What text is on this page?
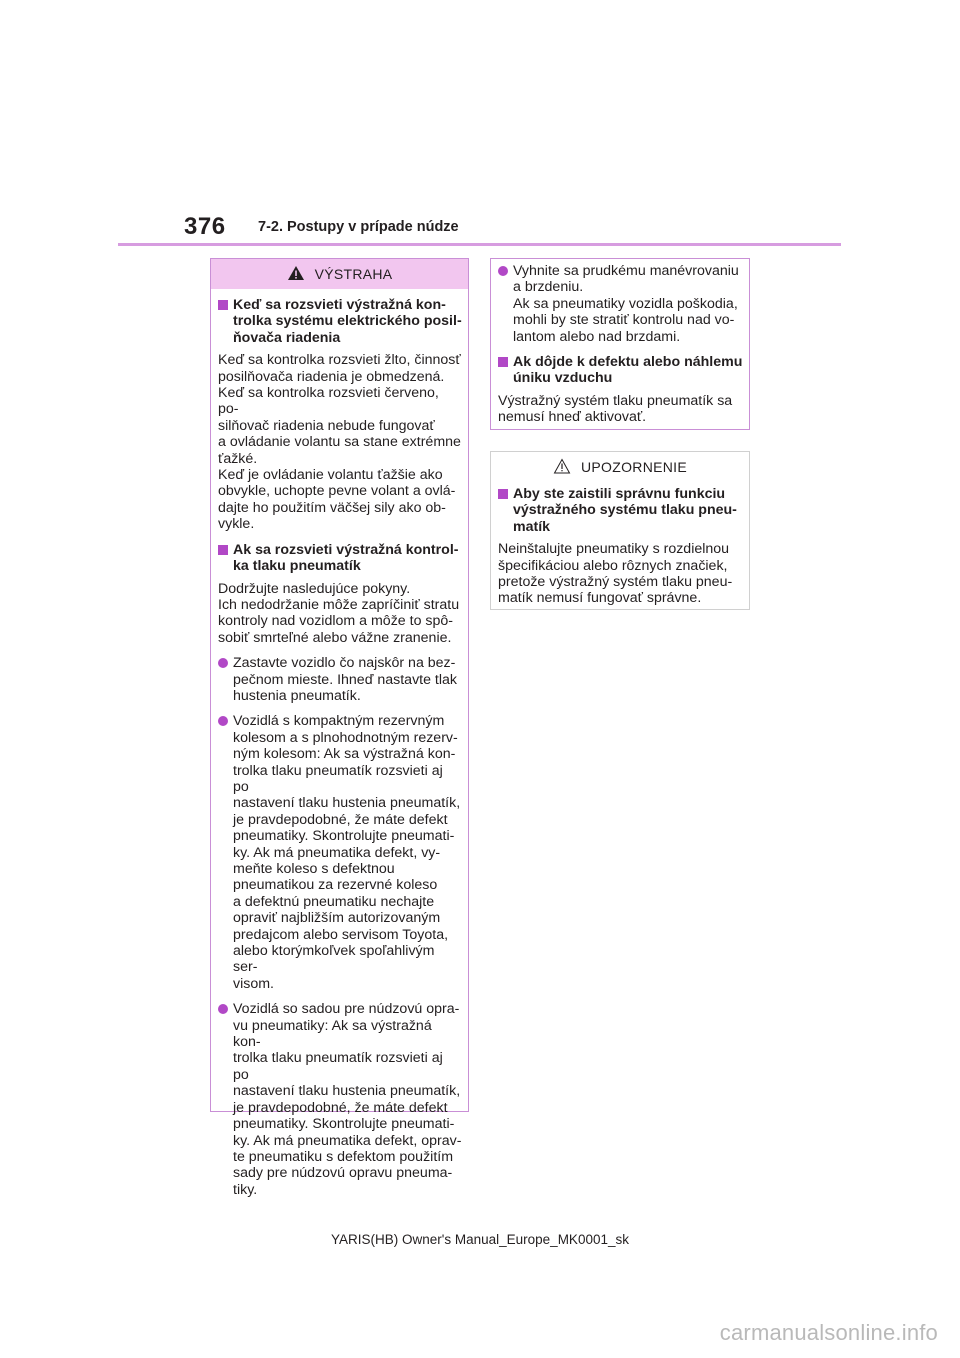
376 7-2. Postupy v prípade núdze
VÝSTRAHA
Keď sa rozsvieti výstražná kon-
trolka systému elektrického posil-
ňovača riadenia
Keď sa kontrolka rozsvieti žlto, činnosť
posilňovača riadenia je obmedzená.
Keď sa kontrolka rozsvieti červeno, po-
silňovač riadenia nebude fungovať
a ovládanie volantu sa stane extrémne
ťažké.
Keď je ovládanie volantu ťažšie ako
obvykle, uchopte pevne volant a ovlá-
dajte ho použitím väčšej sily ako ob-
vykle.
Ak sa rozsvieti výstražná kontrol-
ka tlaku pneumatík
Dodržujte nasledujúce pokyny.
Ich nedodržanie môže zapríčiniť stratu
kontroly nad vozidlom a môže to spô-
sobiť smrteľné alebo vážne zranenie.
Zastavte vozidlo čo najskôr na bez-
pečnom mieste. Ihneď nastavte tlak
hustenia pneumatík.
Vozidlá s kompaktným rezervným
kolesom a s plnohodnotným rezerv-
ným kolesom: Ak sa výstražná kon-
trolka tlaku pneumatík rozsvieti aj po
nastavení tlaku hustenia pneumatík,
je pravdepodobné, že máte defekt
pneumatiky. Skontrolujte pneumati-
ky. Ak má pneumatika defekt, vy-
meňte koleso s defektnou
pneumatikou za rezervné koleso
a defektnú pneumatiku nechajte
opraviť najbližším autorizovaným
predajcom alebo servisom Toyota,
alebo ktorýmkoľvek spoľahlivým ser-
visom.
Vozidlá so sadou pre núdzovú opra-
vu pneumatiky: Ak sa výstražná kon-
trolka tlaku pneumatík rozsvieti aj po
nastavení tlaku hustenia pneumatík,
je pravdepodobné, že máte defekt
pneumatiky. Skontrolujte pneumati-
ky. Ak má pneumatika defekt, oprav-
te pneumatiku s defektom použitím
sady pre núdzovú opravu pneuma-
tiky.
Vyhnite sa prudkému manévrovaniu
a brzdeniu.
Ak sa pneumatiky vozidla poškodia,
mohli by ste stratiť kontrolu nad vo-
lantom alebo nad brzdami.
Ak dôjde k defektu alebo náhlemu
úniku vzduchu
Výstražný systém tlaku pneumatík sa
nemusí hneď aktivovať.
UPOZORNENIE
Aby ste zaistili správnu funkciu
výstražného systému tlaku pneu-
matík
Neinštalujte pneumatiky s rozdielnou
špecifikáciou alebo rôznych značiek,
pretože výstražný systém tlaku pneu-
matík nemusí fungovať správne.
YARIS(HB) Owner's Manual_Europe_MK0001_sk
carmanualsonline.info
